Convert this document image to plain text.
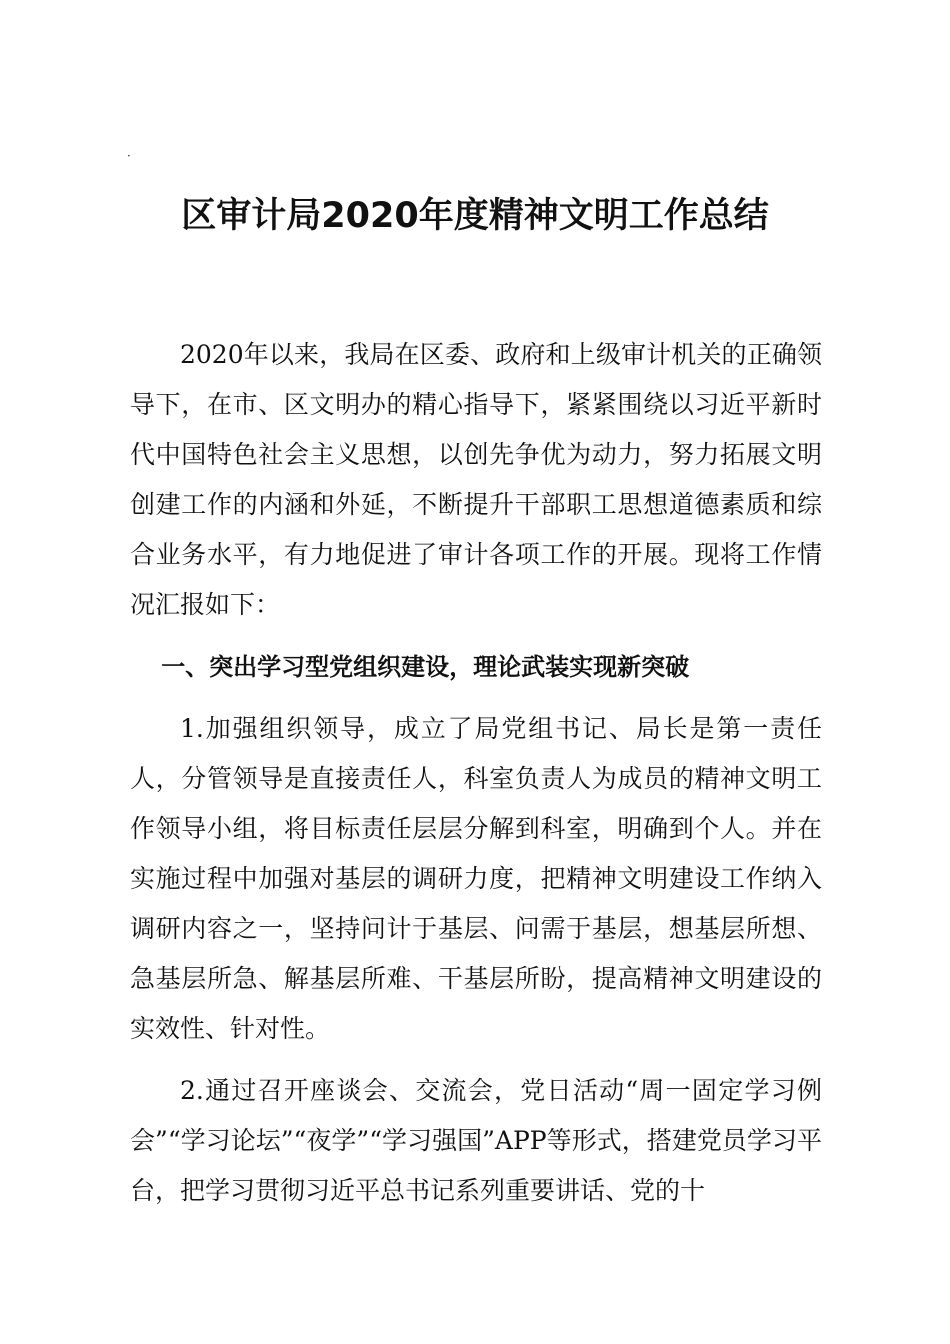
·
区审计局2020年度精神文明工作总结

2020年以来，我局在区委、政府和上级审计机关的正确领导下，在市、区文明办的精心指导下，紧紧围绕以习近平新时代中国特色社会主义思想，以创先争优为动力，努力拓展文明创建工作的内涵和外延，不断提升干部职工思想道德素质和综合业务水平，有力地促进了审计各项工作的开展。现将工作情况汇报如下：

一、突出学习型党组织建设，理论武装实现新突破

1.加强组织领导，成立了局党组书记、局长是第一责任人，分管领导是直接责任人，科室负责人为成员的精神文明工作领导小组，将目标责任层层分解到科室，明确到个人。并在实施过程中加强对基层的调研力度，把精神文明建设工作纳入调研内容之一，坚持问计于基层、问需于基层，想基层所想、急基层所急、解基层所难、干基层所盼，提高精神文明建设的实效性、针对性。

2.通过召开座谈会、交流会，党日活动“周一固定学习例会”“学习论坛”“夜学”“学习强国”APP等形式，搭建党员学习平台，把学习贯彻习近平总书记系列重要讲话、党的十
